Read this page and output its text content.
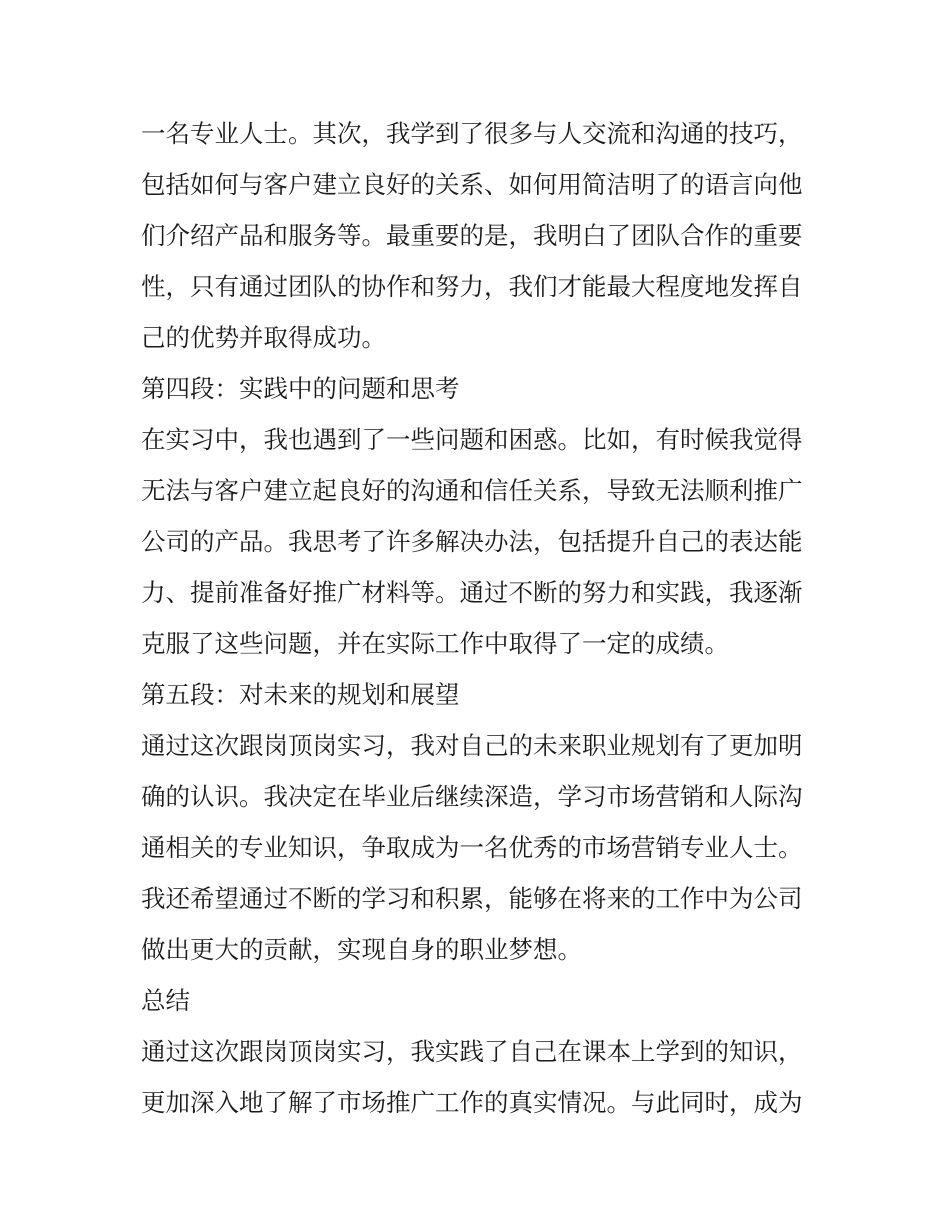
一名专业人士。其次，我学到了很多与人交流和沟通的技巧，
包括如何与客户建立良好的关系、如何用简洁明了的语言向他
们介绍产品和服务等。最重要的是，我明白了团队合作的重要
性，只有通过团队的协作和努力，我们才能最大程度地发挥自
己的优势并取得成功。
第四段：实践中的问题和思考
在实习中，我也遇到了一些问题和困惑。比如，有时候我觉得
无法与客户建立起良好的沟通和信任关系，导致无法顺利推广
公司的产品。我思考了许多解决办法，包括提升自己的表达能
力、提前准备好推广材料等。通过不断的努力和实践，我逐渐
克服了这些问题，并在实际工作中取得了一定的成绩。
第五段：对未来的规划和展望
通过这次跟岗顶岗实习，我对自己的未来职业规划有了更加明
确的认识。我决定在毕业后继续深造，学习市场营销和人际沟
通相关的专业知识，争取成为一名优秀的市场营销专业人士。
我还希望通过不断的学习和积累，能够在将来的工作中为公司
做出更大的贡献，实现自身的职业梦想。
总结
通过这次跟岗顶岗实习，我实践了自己在课本上学到的知识，
更加深入地了解了市场推广工作的真实情况。与此同时，成为
